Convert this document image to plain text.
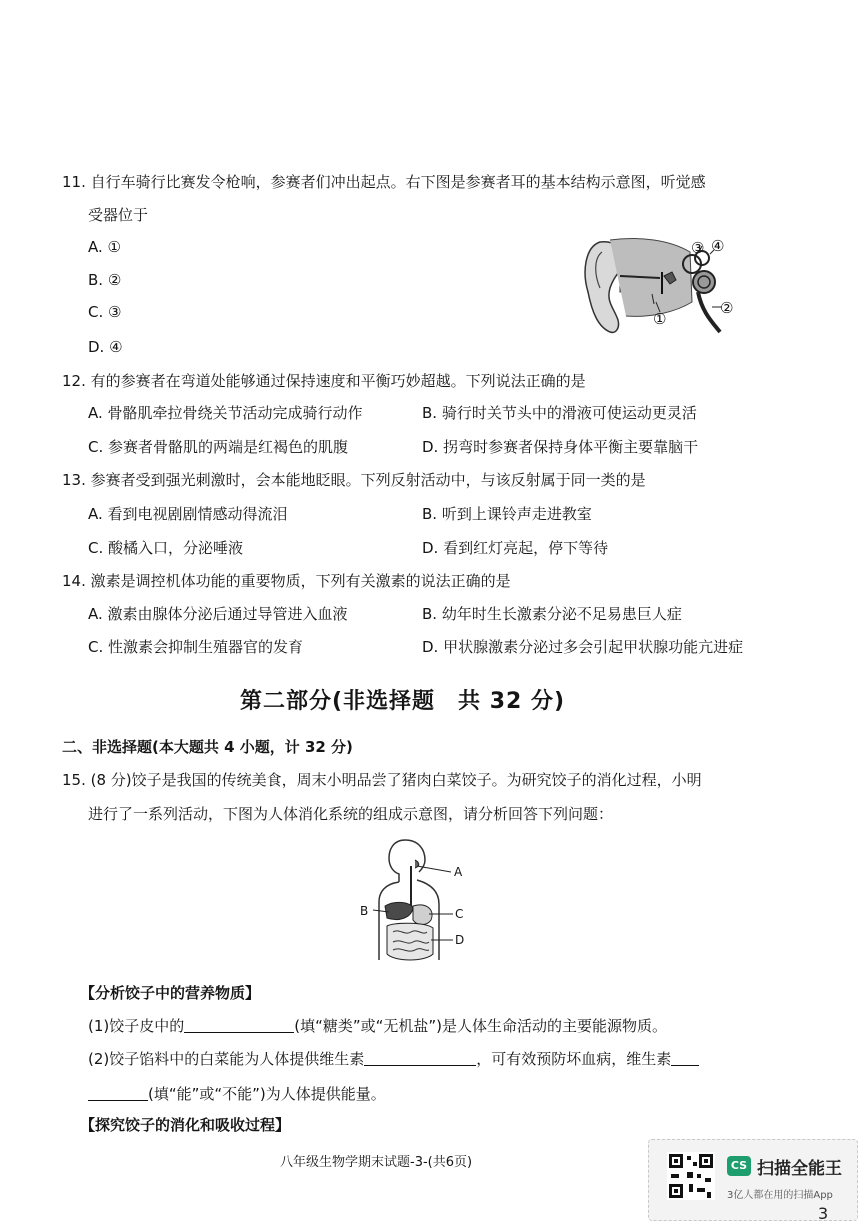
11. 自行车骑行比赛发令枪响，参赛者们冲出起点。右下图是参赛者耳的基本结构示意图，听觉感
受器位于
A. ①
B. ②
C. ③
D. ④
①
②
③ ④
12. 有的参赛者在弯道处能够通过保持速度和平衡巧妙超越。下列说法正确的是
A. 骨骼肌牵拉骨绕关节活动完成骑行动作	B. 骑行时关节头中的滑液可使运动更灵活
C. 参赛者骨骼肌的两端是红褐色的肌腹	D. 拐弯时参赛者保持身体平衡主要靠脑干
13. 参赛者受到强光刺激时，会本能地眨眼。下列反射活动中，与该反射属于同一类的是
A. 看到电视剧剧情感动得流泪	B. 听到上课铃声走进教室
C. 酸橘入口，分泌唾液	D. 看到红灯亮起，停下等待
14. 激素是调控机体功能的重要物质，下列有关激素的说法正确的是
A. 激素由腺体分泌后通过导管进入血液	B. 幼年时生长激素分泌不足易患巨人症
C. 性激素会抑制生殖器官的发育	D. 甲状腺激素分泌过多会引起甲状腺功能亢进症
第二部分(非选择题　共 32 分)
二、非选择题(本大题共 4 小题，计 32 分)
15. (8 分)饺子是我国的传统美食，周末小明品尝了猪肉白菜饺子。为研究饺子的消化过程，小明
进行了一系列活动，下图为人体消化系统的组成示意图，请分析回答下列问题：
A
B	C
D
【分析饺子中的营养物质】
(1)饺子皮中的	(填“糖类”或“无机盐”)是人体生命活动的主要能源物质。
(2)饺子馅料中的白菜能为人体提供维生素	，可有效预防坏血病，维生素
(填“能”或“不能”)为人体提供能量。
【探究饺子的消化和吸收过程】
八年级生物学期末试题-3-(共6页)	CS 扫描全能王
3亿人都在用的扫描App
3
